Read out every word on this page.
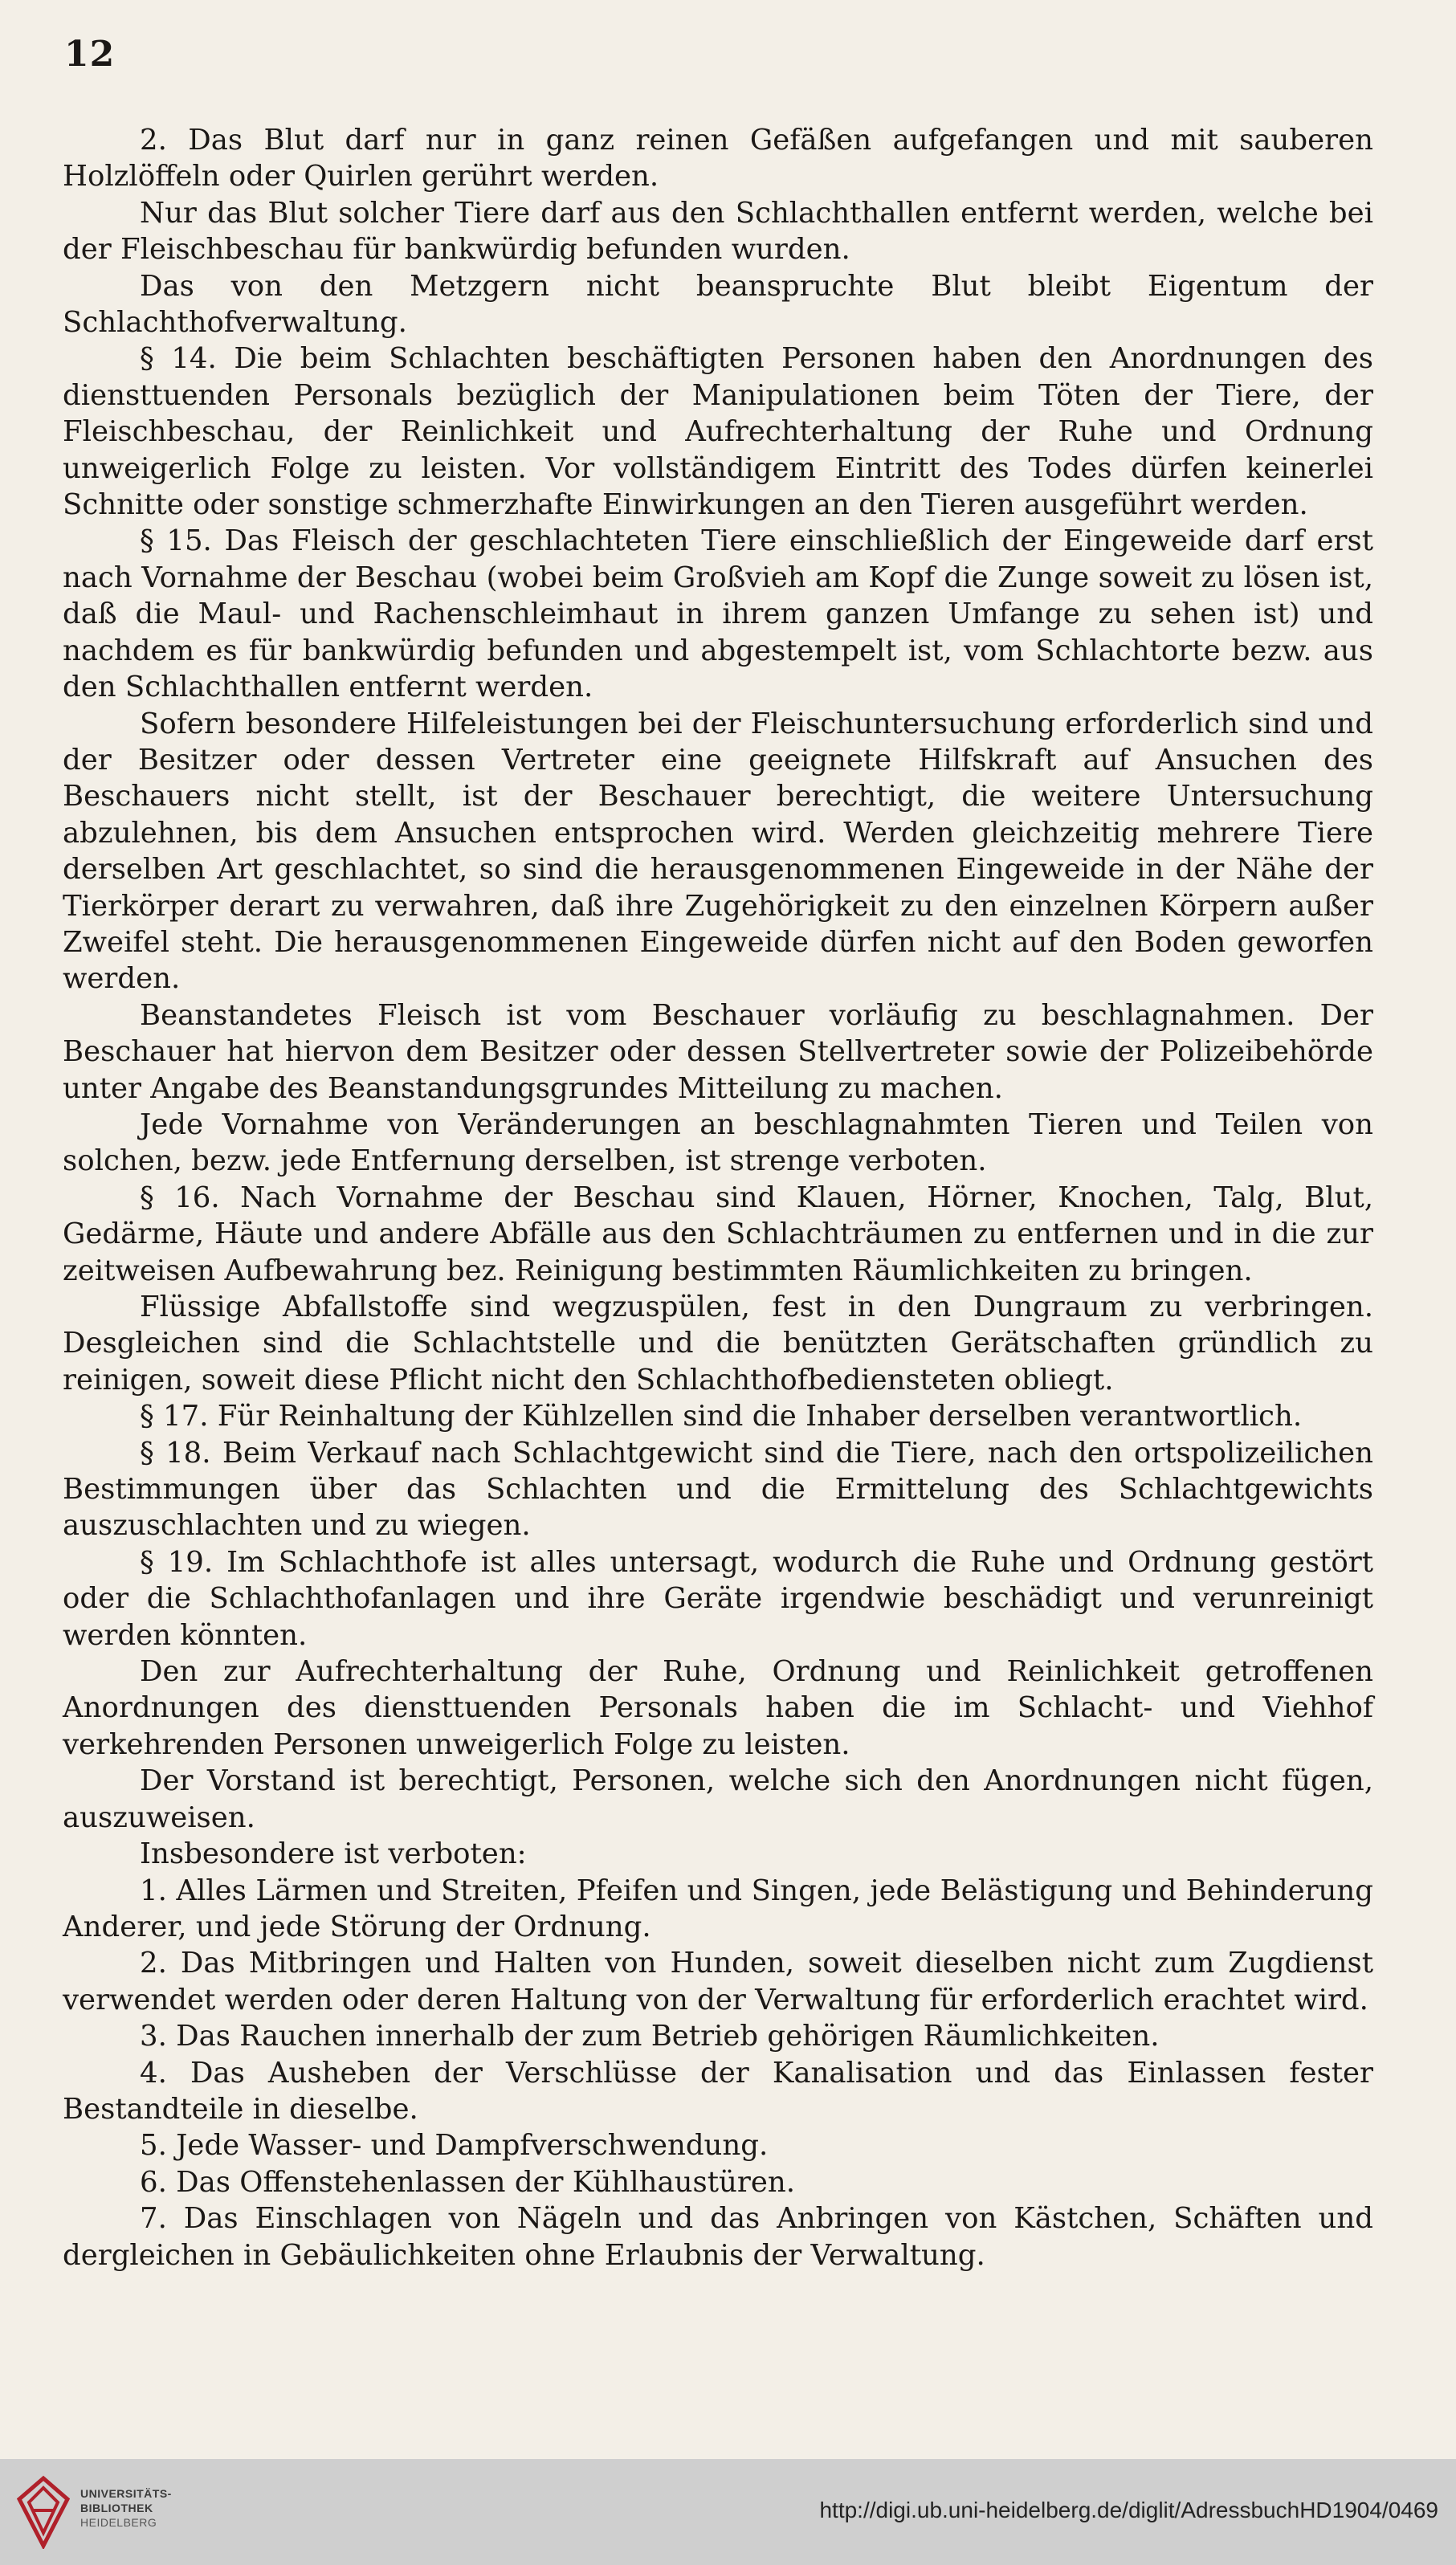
12

2. Das Blut darf nur in ganz reinen Gefäßen aufgefangen und mit sauberen Holzlöffeln oder Quirlen gerührt werden.

Nur das Blut solcher Tiere darf aus den Schlachthallen entfernt werden, welche bei der Fleischbeschau für bankwürdig befunden wurden.

Das von den Metzgern nicht beanspruchte Blut bleibt Eigentum der Schlachthofverwaltung.

§ 14. Die beim Schlachten beschäftigten Personen haben den Anordnungen des diensttuenden Personals bezüglich der Manipulationen beim Töten der Tiere, der Fleischbeschau, der Reinlichkeit und Aufrechterhaltung der Ruhe und Ordnung unweigerlich Folge zu leisten. Vor vollständigem Eintritt des Todes dürfen keinerlei Schnitte oder sonstige schmerzhafte Einwirkungen an den Tieren ausgeführt werden.

§ 15. Das Fleisch der geschlachteten Tiere einschließlich der Eingeweide darf erst nach Vornahme der Beschau (wobei beim Großvieh am Kopf die Zunge soweit zu lösen ist, daß die Maul- und Rachenschleimhaut in ihrem ganzen Umfange zu sehen ist) und nachdem es für bankwürdig befunden und abgestempelt ist, vom Schlachtorte bezw. aus den Schlachthallen entfernt werden.

Sofern besondere Hilfeleistungen bei der Fleischuntersuchung erforderlich sind und der Besitzer oder dessen Vertreter eine geeignete Hilfskraft auf Ansuchen des Beschauers nicht stellt, ist der Beschauer berechtigt, die weitere Untersuchung abzulehnen, bis dem Ansuchen entsprochen wird. Werden gleichzeitig mehrere Tiere derselben Art geschlachtet, so sind die herausgenommenen Eingeweide in der Nähe der Tierkörper derart zu verwahren, daß ihre Zugehörigkeit zu den einzelnen Körpern außer Zweifel steht. Die herausgenommenen Eingeweide dürfen nicht auf den Boden geworfen werden.

Beanstandetes Fleisch ist vom Beschauer vorläufig zu beschlagnahmen. Der Beschauer hat hiervon dem Besitzer oder dessen Stellvertreter sowie der Polizeibehörde unter Angabe des Beanstandungsgrundes Mitteilung zu machen.

Jede Vornahme von Veränderungen an beschlagnahmten Tieren und Teilen von solchen, bezw. jede Entfernung derselben, ist strenge verboten.

§ 16. Nach Vornahme der Beschau sind Klauen, Hörner, Knochen, Talg, Blut, Gedärme, Häute und andere Abfälle aus den Schlachträumen zu entfernen und in die zur zeitweisen Aufbewahrung bez. Reinigung bestimmten Räumlichkeiten zu bringen.

Flüssige Abfallstoffe sind wegzuspülen, fest in den Dungraum zu verbringen. Desgleichen sind die Schlachtstelle und die benützten Gerätschaften gründlich zu reinigen, soweit diese Pflicht nicht den Schlachthofbediensteten obliegt.

§ 17. Für Reinhaltung der Kühlzellen sind die Inhaber derselben verantwortlich.

§ 18. Beim Verkauf nach Schlachtgewicht sind die Tiere, nach den ortspolizeilichen Bestimmungen über das Schlachten und die Ermittelung des Schlachtgewichts auszuschlachten und zu wiegen.

§ 19. Im Schlachthofe ist alles untersagt, wodurch die Ruhe und Ordnung gestört oder die Schlachthofanlagen und ihre Geräte irgendwie beschädigt und verunreinigt werden könnten.

Den zur Aufrechterhaltung der Ruhe, Ordnung und Reinlichkeit getroffenen Anordnungen des diensttuenden Personals haben die im Schlacht- und Viehhof verkehrenden Personen unweigerlich Folge zu leisten.

Der Vorstand ist berechtigt, Personen, welche sich den Anordnungen nicht fügen, auszuweisen.

Insbesondere ist verboten:

1. Alles Lärmen und Streiten, Pfeifen und Singen, jede Belästigung und Behinderung Anderer, und jede Störung der Ordnung.

2. Das Mitbringen und Halten von Hunden, soweit dieselben nicht zum Zugdienst verwendet werden oder deren Haltung von der Verwaltung für erforderlich erachtet wird.

3. Das Rauchen innerhalb der zum Betrieb gehörigen Räumlichkeiten.

4. Das Ausheben der Verschlüsse der Kanalisation und das Einlassen fester Bestandteile in dieselbe.

5. Jede Wasser- und Dampfverschwendung.

6. Das Offenstehenlassen der Kühlhaustüren.

7. Das Einschlagen von Nägeln und das Anbringen von Kästchen, Schäften und dergleichen in Gebäulichkeiten ohne Erlaubnis der Verwaltung.

UNIVERSITÄTS-
BIBLIOTHEK
HEIDELBERG	http://digi.ub.uni-heidelberg.de/diglit/AdressbuchHD1904/0469
